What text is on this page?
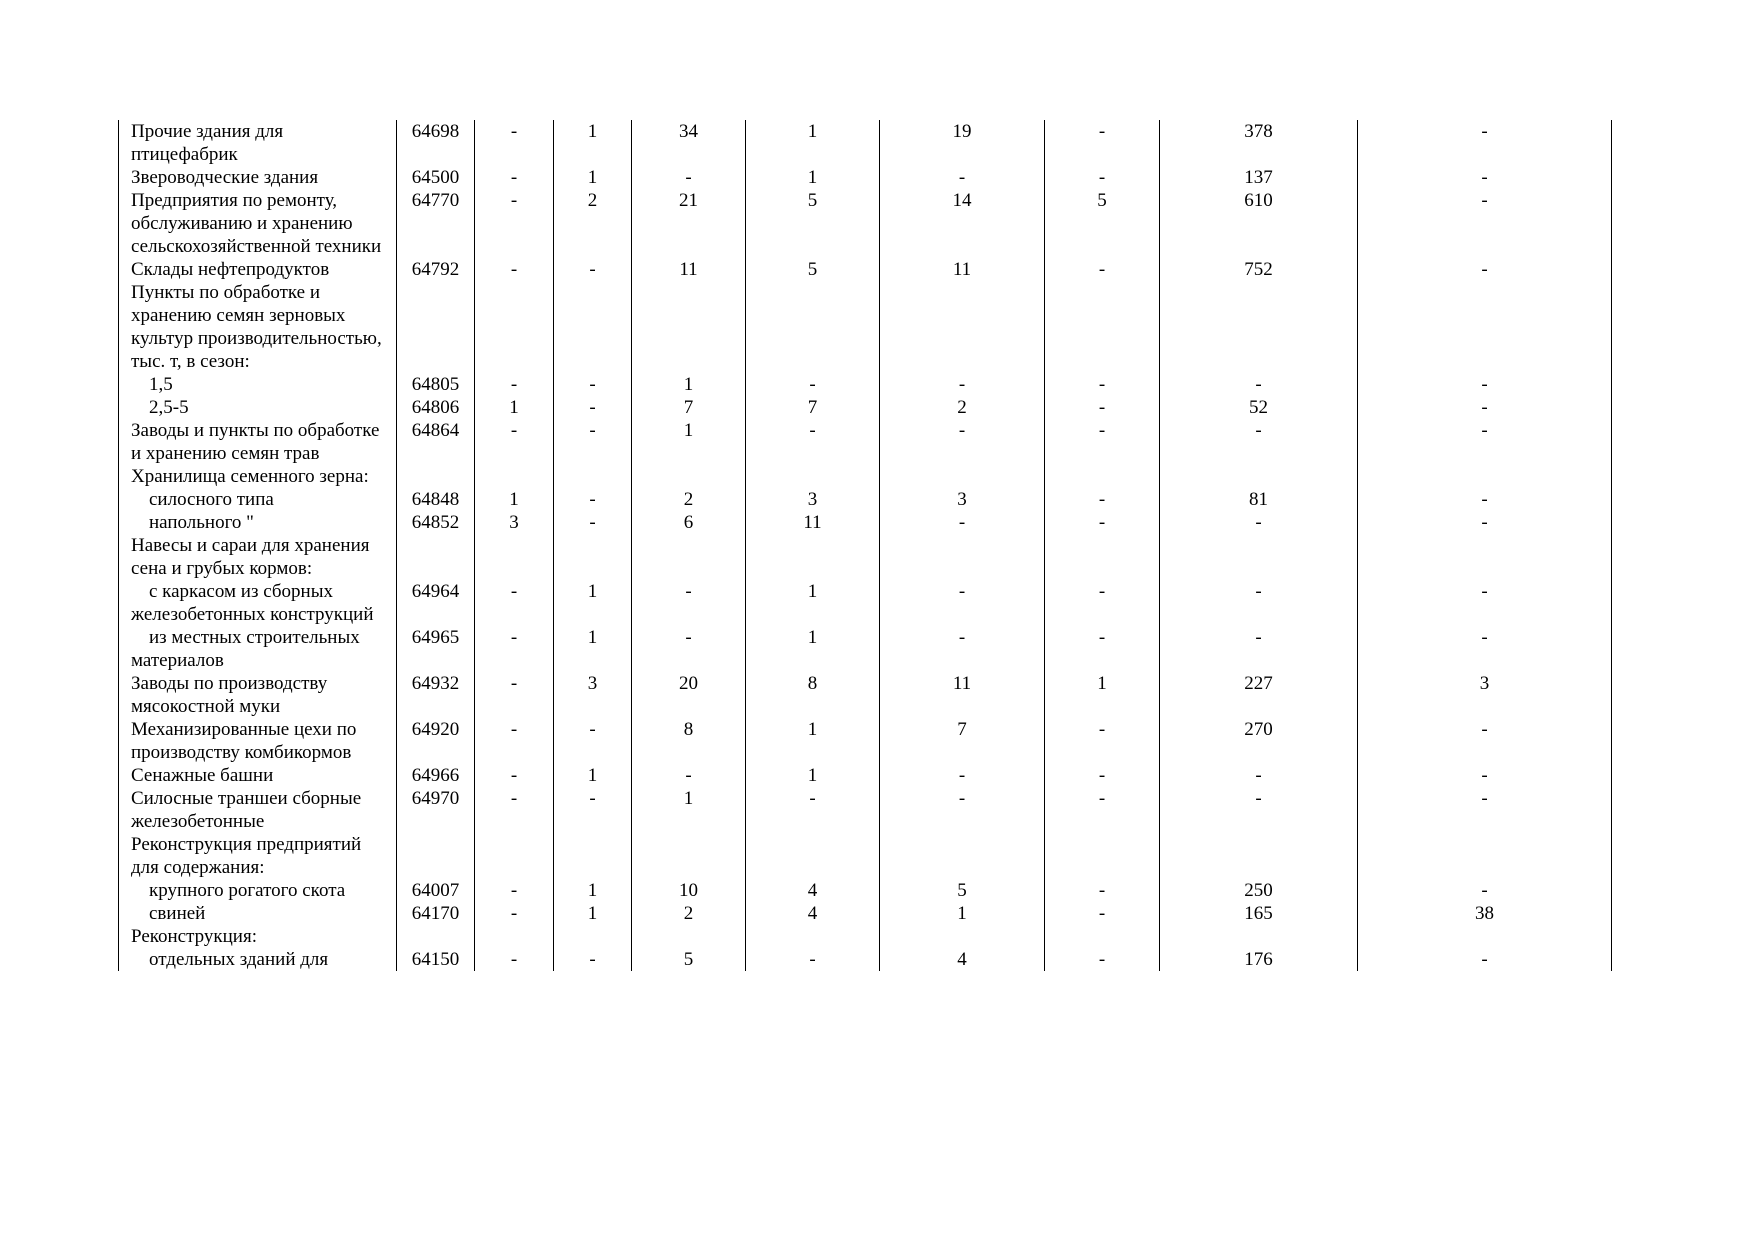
Прочие здания для птицефабрик	64698	-	1	34	1	19	-	378	-
Звероводческие здания	64500	-	1	-	1	-	-	137	-
Предприятия по ремонту, обслуживанию и хранению сельскохозяйственной техники	64770	-	2	21	5	14	5	610	-
Склады нефтепродуктов	64792	-	-	11	5	11	-	752	-
Пункты по обработке и хранению семян зерновых культур производительностью, тыс. т, в сезон:									
1,5	64805	-	-	1	-	-	-	-	-
2,5-5	64806	1	-	7	7	2	-	52	-
Заводы и пункты по обработке и хранению семян трав	64864	-	-	1	-	-	-	-	-
Хранилища семенного зерна:									
силосного типа	64848	1	-	2	3	3	-	81	-
напольного "	64852	3	-	6	11	-	-	-	-
Навесы и сараи для хранения сена и грубых кормов:									
с каркасом из сборных железобетонных конструкций	64964	-	1	-	1	-	-	-	-
из местных строительных материалов	64965	-	1	-	1	-	-	-	-
Заводы по производству мясокостной муки	64932	-	3	20	8	11	1	227	3
Механизированные цехи по производству комбикормов	64920	-	-	8	1	7	-	270	-
Сенажные башни	64966	-	1	-	1	-	-	-	-
Силосные траншеи сборные железобетонные	64970	-	-	1	-	-	-	-	-
Реконструкция предприятий для содержания:									
крупного рогатого скота	64007	-	1	10	4	5	-	250	-
свиней	64170	-	1	2	4	1	-	165	38
Реконструкция:									
отдельных зданий для	64150	-	-	5	-	4	-	176	-
